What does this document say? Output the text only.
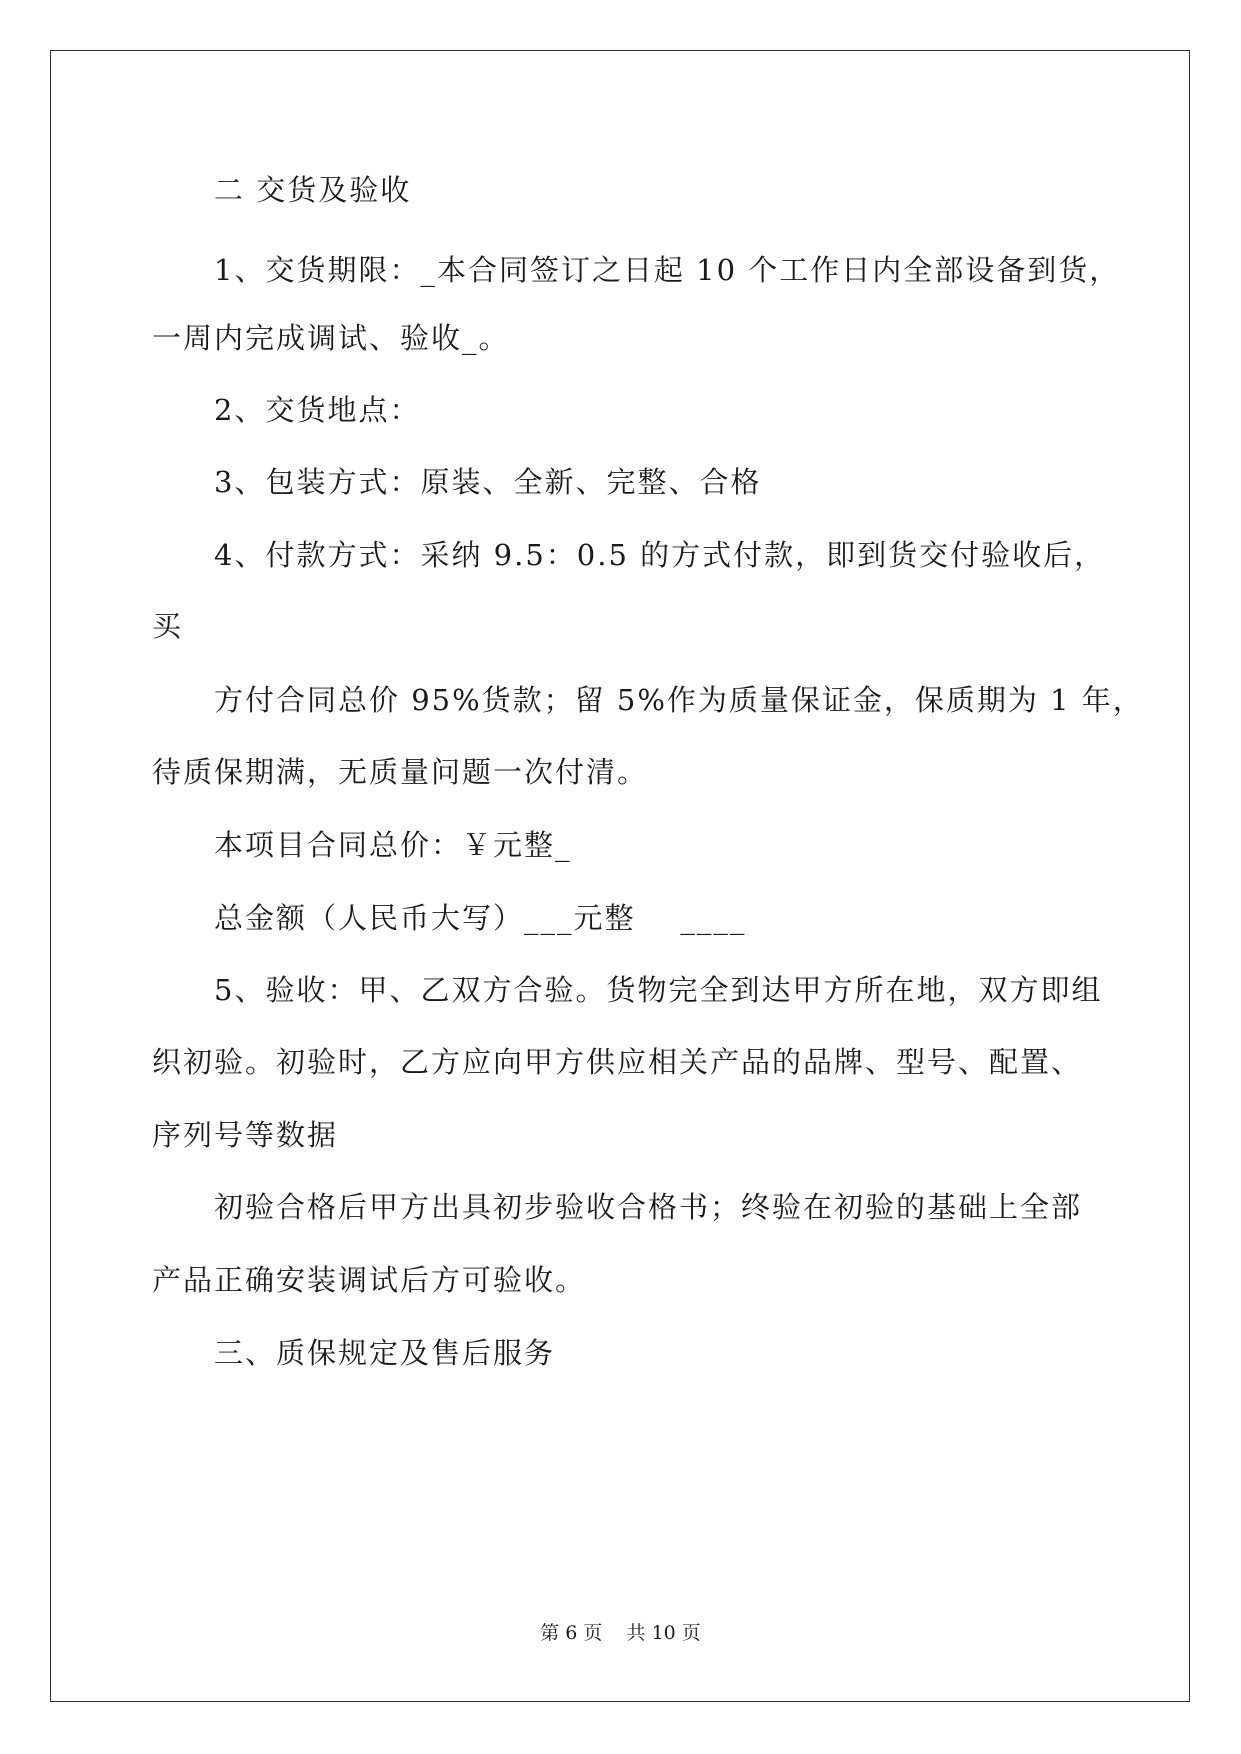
二 交货及验收
1、交货期限：_本合同签订之日起 10 个工作日内全部设备到货，
一周内完成调试、验收_。
2、交货地点：
3、包装方式：原装、全新、完整、合格
4、付款方式：采纳 9.5：0.5 的方式付款，即到货交付验收后，
买
方付合同总价 95%货款；留 5%作为质量保证金，保质期为 1 年，
待质保期满，无质量问题一次付清。
本项目合同总价：￥元整_
总金额（人民币大写）___元整    ____
5、验收：甲、乙双方合验。货物完全到达甲方所在地，双方即组
织初验。初验时，乙方应向甲方供应相关产品的品牌、型号、配置、
序列号等数据
初验合格后甲方出具初步验收合格书；终验在初验的基础上全部
产品正确安装调试后方可验收。
三、质保规定及售后服务
第 6 页    共 10 页
